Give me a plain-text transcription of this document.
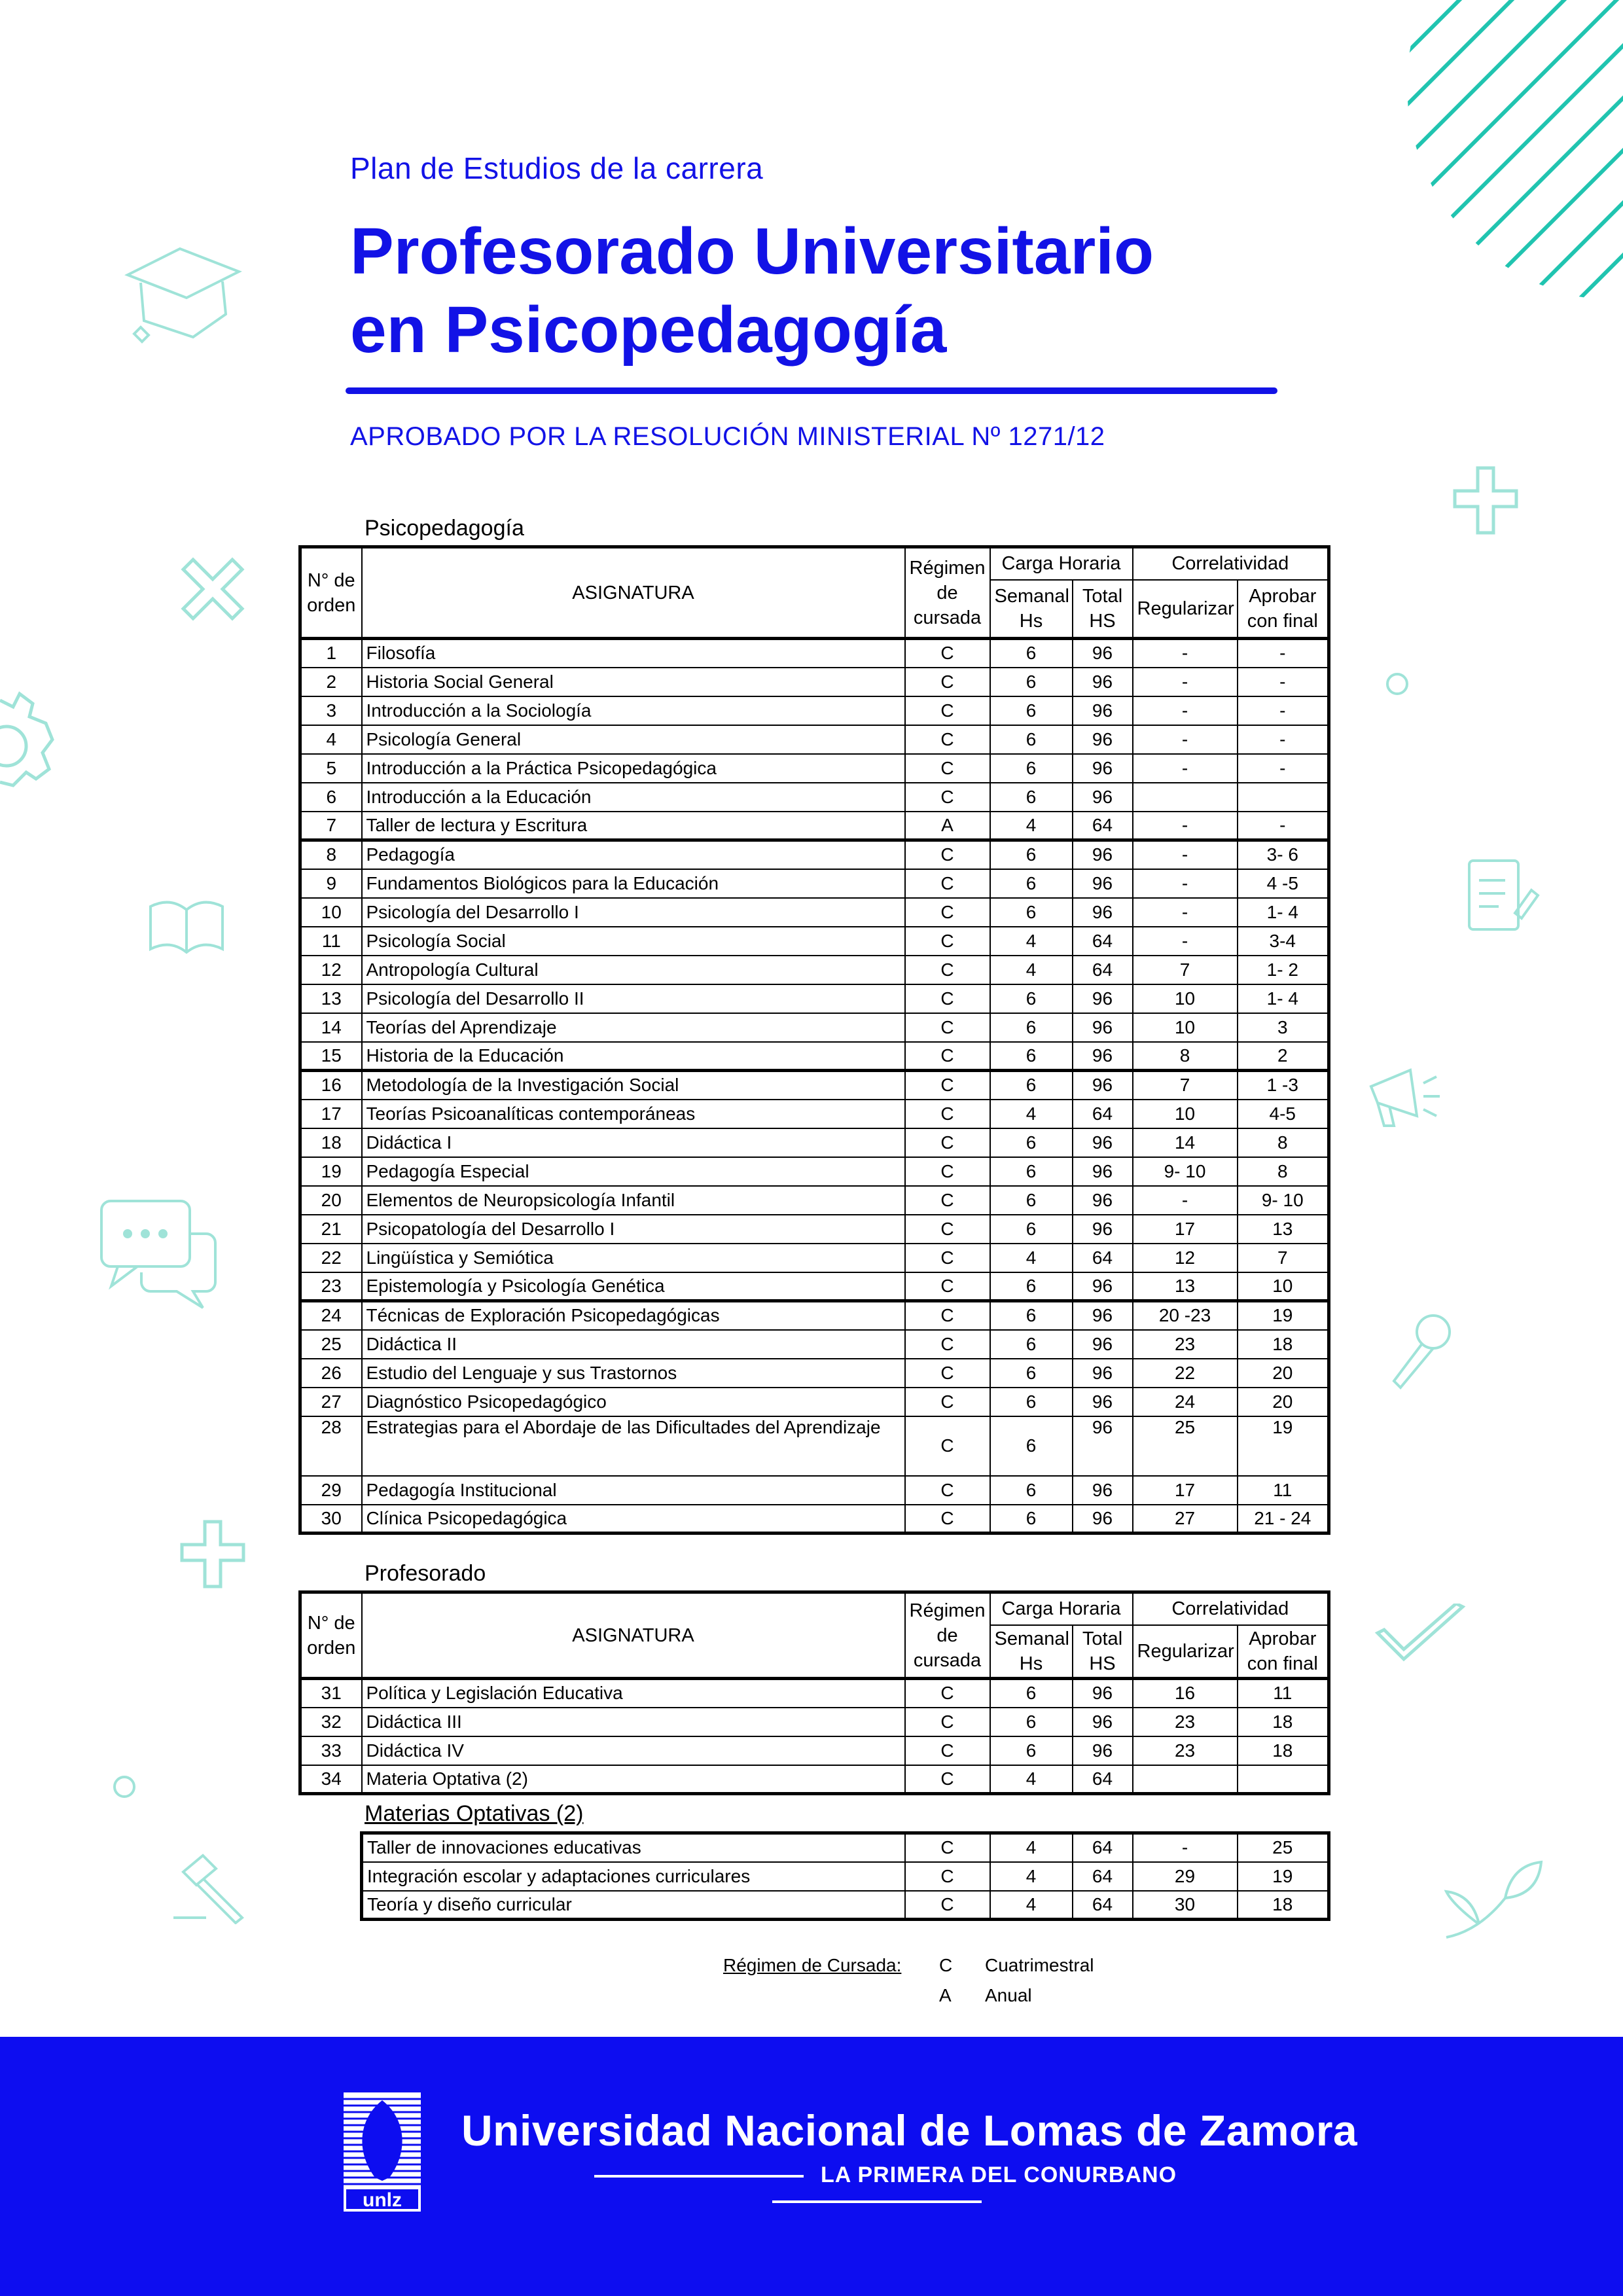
Plan de Estudios de la carrera
Profesorado Universitario
en Psicopedagogía
APROBADO POR LA RESOLUCIÓN MINISTERIAL Nº 1271/12
Psicopedagogía
N° de orden	ASIGNATURA	Régimen de cursada	Carga Horaria		Correlatividad	
			Semanal Hs	Total HS	Regularizar	Aprobar con final
1	Filosofía	C	6	96	-	-
2	Historia Social General	C	6	96	-	-
3	Introducción a la Sociología	C	6	96	-	-
4	Psicología General	C	6	96	-	-
5	Introducción a la Práctica Psicopedagógica	C	6	96	-	-
6	Introducción a la Educación	C	6	96		
7	Taller de lectura y Escritura	A	4	64	-	-
8	Pedagogía	C	6	96	-	3- 6
9	Fundamentos Biológicos para la Educación	C	6	96	-	4 -5
10	Psicología del Desarrollo I	C	6	96	-	1- 4
11	Psicología Social	C	4	64	-	3-4
12	Antropología Cultural	C	4	64	7	1- 2
13	Psicología del Desarrollo II	C	6	96	10	1- 4
14	Teorías del Aprendizaje	C	6	96	10	3
15	Historia de la Educación	C	6	96	8	2
16	Metodología de la Investigación Social	C	6	96	7	1 -3
17	Teorías Psicoanalíticas contemporáneas	C	4	64	10	4-5
18	Didáctica I	C	6	96	14	8
19	Pedagogía Especial	C	6	96	9- 10	8
20	Elementos de Neuropsicología Infantil	C	6	96	-	9- 10
21	Psicopatología del Desarrollo I	C	6	96	17	13
22	Lingüística y Semiótica	C	4	64	12	7
23	Epistemología y Psicología Genética	C	6	96	13	10
24	Técnicas de Exploración Psicopedagógicas	C	6	96	20 -23	19
25	Didáctica II	C	6	96	23	18
26	Estudio del Lenguaje y sus Trastornos	C	6	96	22	20
27	Diagnóstico Psicopedagógico	C	6	96	24	20
28	Estrategias para el Abordaje de las Dificultades del Aprendizaje	C	6	96	25	19
29	Pedagogía Institucional	C	6	96	17	11
30	Clínica Psicopedagógica	C	6	96	27	21 - 24
Profesorado
N° de orden	ASIGNATURA	Régimen de cursada	Carga Horaria		Correlatividad	
			Semanal Hs	Total HS	Regularizar	Aprobar con final
31	Política y Legislación Educativa	C	6	96	16	11
32	Didáctica III	C	6	96	23	18
33	Didáctica IV	C	6	96	23	18
34	Materia Optativa (2)	C	4	64		
Materias Optativas (2)
Taller de innovaciones educativas	C	4	64	-	25
Integración escolar y adaptaciones curriculares	C	4	64	29	19
Teoría y diseño curricular	C	4	64	30	18
Régimen de Cursada: C Cuatrimestral
A Anual
unlz
Universidad Nacional de Lomas de Zamora
LA PRIMERA DEL CONURBANO
